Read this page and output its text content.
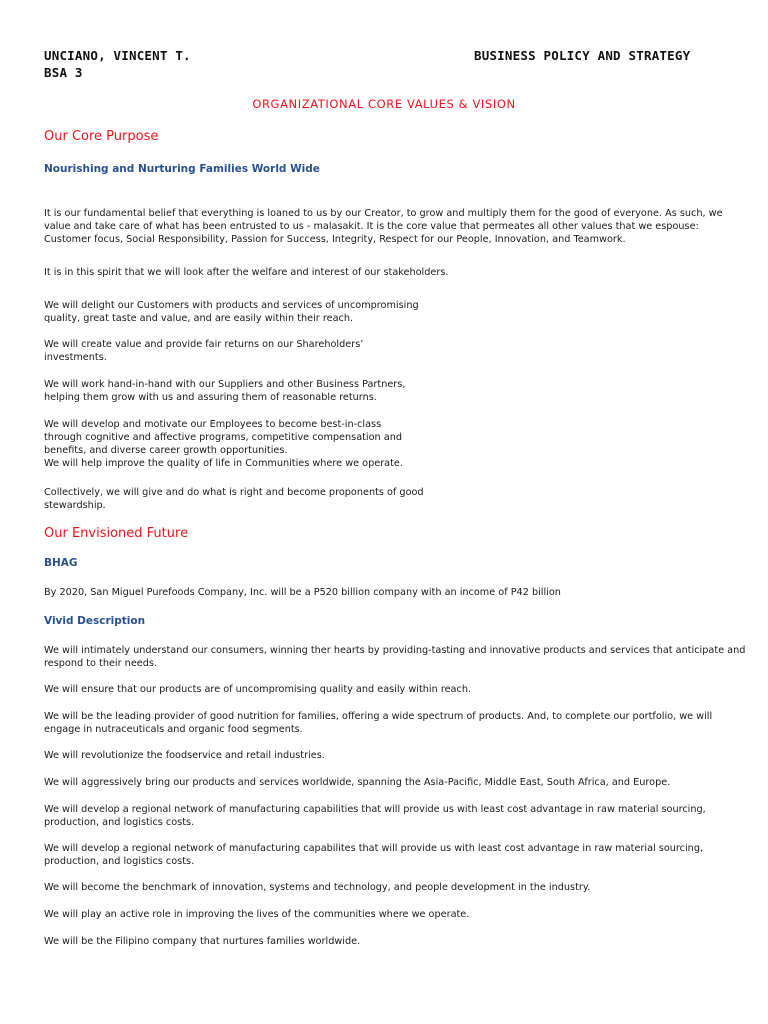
UNCIANO, VINCENT T.
BSA 3
BUSINESS POLICY AND STRATEGY
ORGANIZATIONAL CORE VALUES & VISION
Our Core Purpose
Nourishing and Nurturing Families World Wide
It is our fundamental belief that everything is loaned to us by our Creator, to grow and multiply them for the good of everyone. As such, we
value and take care of what has been entrusted to us - malasakit. It is the core value that permeates all other values that we espouse:
Customer focus, Social Responsibility, Passion for Success, Integrity, Respect for our People, Innovation, and Teamwork.
It is in this spirit that we will look after the welfare and interest of our stakeholders.
We will delight our Customers with products and services of uncompromising
quality, great taste and value, and are easily within their reach.
We will create value and provide fair returns on our Shareholders’
investments.
We will work hand-in-hand with our Suppliers and other Business Partners,
helping them grow with us and assuring them of reasonable returns.
We will develop and motivate our Employees to become best-in-class
through cognitive and affective programs, competitive compensation and
benefits, and diverse career growth opportunities.
We will help improve the quality of life in Communities where we operate.
Collectively, we will give and do what is right and become proponents of good
stewardship.
Our Envisioned Future
BHAG
By 2020, San Miguel Purefoods Company, Inc. will be a P520 billion company with an income of P42 billion
Vivid Description
We will intimately understand our consumers, winning ther hearts by providing-tasting and innovative products and services that anticipate and
respond to their needs.
We will ensure that our products are of uncompromising quality and easily within reach.
We will be the leading provider of good nutrition for families, offering a wide spectrum of products. And, to complete our portfolio, we will
engage in nutraceuticals and organic food segments.
We will revolutionize the foodservice and retail industries.
We will aggressively bring our products and services worldwide, spanning the Asia-Pacific, Middle East, South Africa, and Europe.
We will develop a regional network of manufacturing capabilities that will provide us with least cost advantage in raw material sourcing,
production, and logistics costs.
We will develop a regional network of manufacturing capabilites that will provide us with least cost advantage in raw material sourcing,
production, and logistics costs.
We will become the benchmark of innovation, systems and technology, and people development in the industry.
We will play an active role in improving the lives of the communities where we operate.
We will be the Filipino company that nurtures families worldwide.
